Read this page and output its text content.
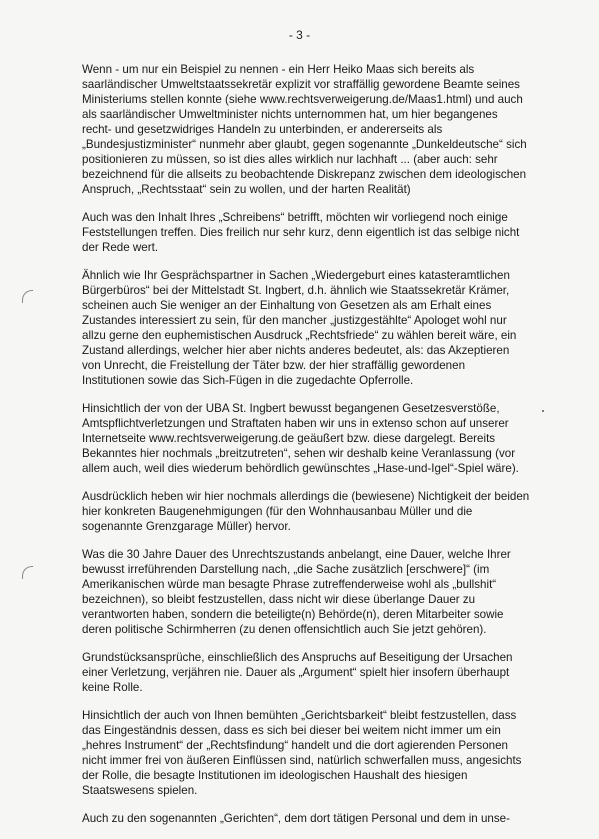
- 3 -

Wenn - um nur ein Beispiel zu nennen - ein Herr Heiko Maas sich bereits als saarländischer Umweltstaatssekretär explizit vor straffällig gewordene Beamte seines Ministeriums stellen konnte (siehe www.rechtsverweigerung.de/Maas1.html) und auch als saarländischer Umweltminister nichts unternommen hat, um hier begangenes recht- und gesetzwidriges Handeln zu unterbinden, er andererseits als „Bundesjustizminister“ nunmehr aber glaubt, gegen sogenannte „Dunkeldeutsche“ sich positionieren zu müssen, so ist dies alles wirklich nur lachhaft ... (aber auch: sehr bezeichnend für die allseits zu beobachtende Diskrepanz zwischen dem ideologischen Anspruch, „Rechtsstaat“ sein zu wollen, und der harten Realität)

Auch was den Inhalt Ihres „Schreibens“ betrifft, möchten wir vorliegend noch einige Feststellungen treffen. Dies freilich nur sehr kurz, denn eigentlich ist das selbige nicht der Rede wert.

Ähnlich wie Ihr Gesprächspartner in Sachen „Wiedergeburt eines katasteramtlichen Bürgerbüros“ bei der Mittelstadt St. Ingbert, d.h. ähnlich wie Staatssekretär Krämer, scheinen auch Sie weniger an der Einhaltung von Gesetzen als am Erhalt eines Zustandes interessiert zu sein, für den mancher „justizgestählte“ Apologet wohl nur allzu gerne den euphemistischen Ausdruck „Rechtsfriede“ zu wählen bereit wäre, ein Zustand allerdings, welcher hier aber nichts anderes bedeutet, als: das Akzeptieren von Unrecht, die Freistellung der Täter bzw. der hier straffällig gewordenen Institutionen sowie das Sich-Fügen in die zugedachte Opferrolle.

Hinsichtlich der von der UBA St. Ingbert bewusst begangenen Gesetzesverstöße, Amtspflichtverletzungen und Straftaten haben wir uns in extenso schon auf unserer Internetseite www.rechtsverweigerung.de geäußert bzw. diese dargelegt. Bereits Bekanntes hier nochmals „breitzutreten“, sehen wir deshalb keine Veranlassung (vor allem auch, weil dies wiederum behördlich gewünschtes „Hase-und-Igel“-Spiel wäre).

Ausdrücklich heben wir hier nochmals allerdings die (bewiesene) Nichtigkeit der beiden hier konkreten Baugenehmigungen (für den Wohnhausanbau Müller und die sogenannte Grenzgarage Müller) hervor.

Was die 30 Jahre Dauer des Unrechtszustands anbelangt, eine Dauer, welche Ihrer bewusst irreführenden Darstellung nach, „die Sache zusätzlich [erschwere]“ (im Amerikanischen würde man besagte Phrase zutreffenderweise wohl als „bullshit“ bezeichnen), so bleibt festzustellen, dass nicht wir diese überlange Dauer zu verantworten haben, sondern die beteiligte(n) Behörde(n), deren Mitarbeiter sowie deren politische Schirmherren (zu denen offensichtlich auch Sie jetzt gehören).

Grundstücksansprüche, einschließlich des Anspruchs auf Beseitigung der Ursachen einer Verletzung, verjähren nie. Dauer als „Argument“ spielt hier insofern überhaupt keine Rolle.

Hinsichtlich der auch von Ihnen bemühten „Gerichtsbarkeit“ bleibt festzustellen, dass das Eingeständnis dessen, dass es sich bei dieser bei weitem nicht immer um ein „hehres Instrument“ der „Rechtsfindung“ handelt und die dort agierenden Personen nicht immer frei von äußeren Einflüssen sind, natürlich schwerfallen muss, angesichts der Rolle, die besagte Institutionen im ideologischen Haushalt des hiesigen Staatswesens spielen.

Auch zu den sogenannten „Gerichten“, dem dort tätigen Personal und dem in unse-
